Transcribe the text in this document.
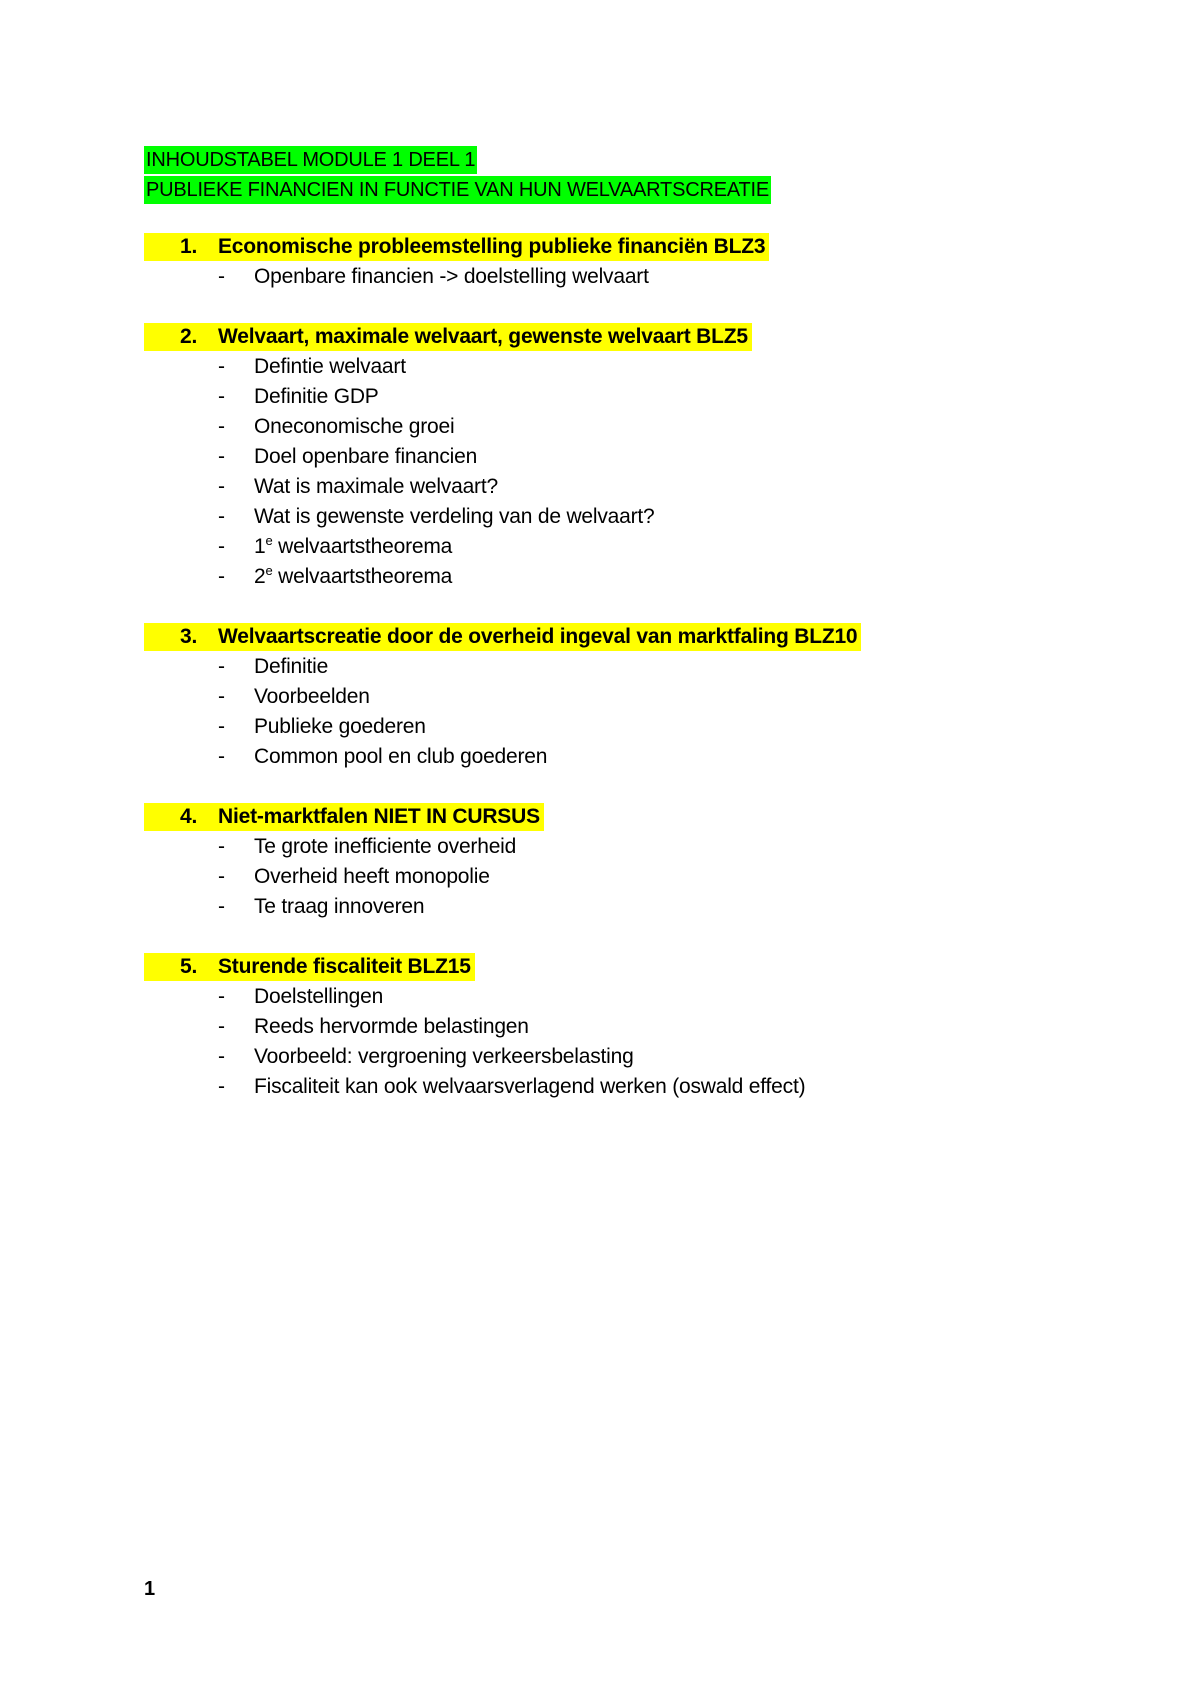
INHOUDSTABEL MODULE 1 DEEL 1
PUBLIEKE FINANCIEN IN FUNCTIE VAN HUN WELVAARTSCREATIE
1. Economische probleemstelling publieke financiën BLZ3
- Openbare financien -> doelstelling welvaart
2. Welvaart, maximale welvaart, gewenste welvaart BLZ5
- Defintie welvaart
- Definitie GDP
- Oneconomische groei
- Doel openbare financien
- Wat is maximale welvaart?
- Wat is gewenste verdeling van de welvaart?
- 1e welvaartstheorema
- 2e welvaartstheorema
3. Welvaartscreatie door de overheid ingeval van marktfaling BLZ10
- Definitie
- Voorbeelden
- Publieke goederen
- Common pool en club goederen
4. Niet-marktfalen NIET IN CURSUS
- Te grote inefficiente overheid
- Overheid heeft monopolie
- Te traag innoveren
5. Sturende fiscaliteit BLZ15
- Doelstellingen
- Reeds hervormde belastingen
- Voorbeeld: vergroening verkeersbelasting
- Fiscaliteit kan ook welvaarsverlagend werken (oswald effect)
1
